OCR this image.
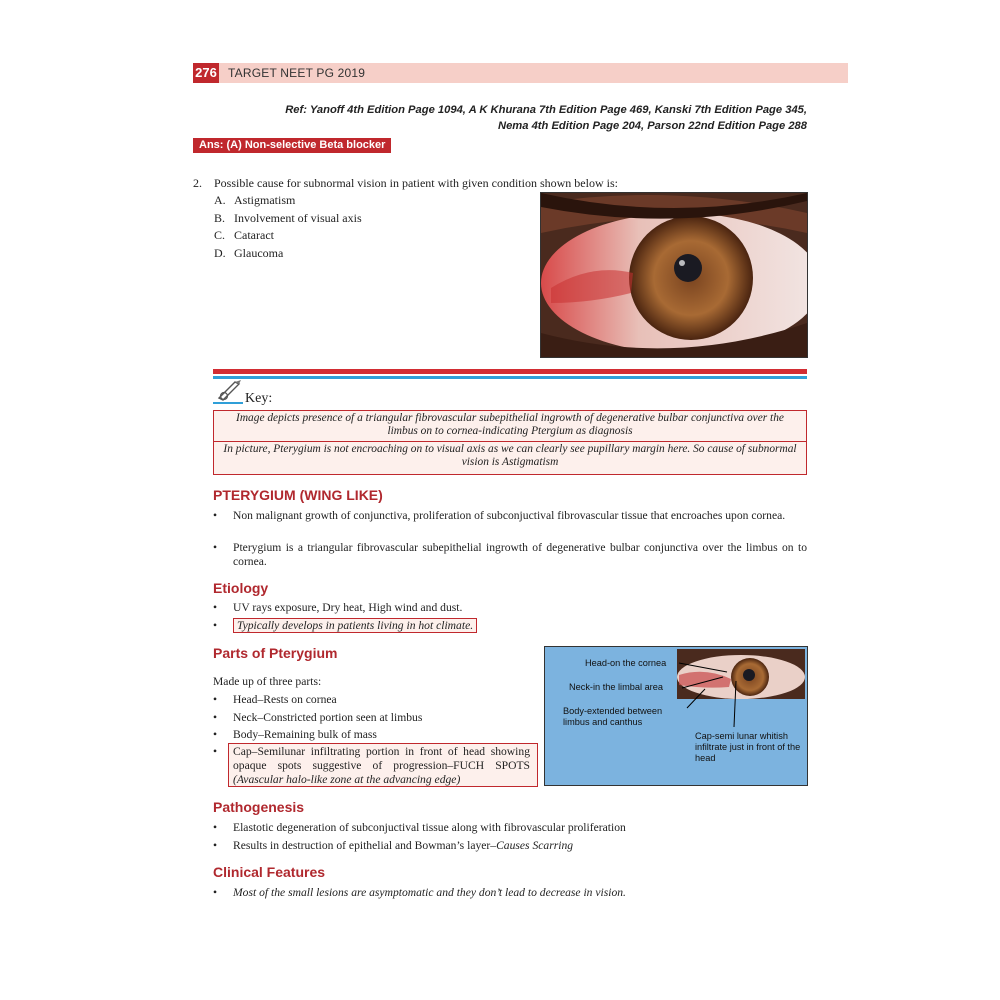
276 TARGET NEET PG 2019
Ref: Yanoff 4th Edition Page 1094, A K Khurana 7th Edition Page 469, Kanski 7th Edition Page 345,
Nema 4th Edition Page 204, Parson 22nd Edition Page 288
Ans: (A) Non-selective Beta blocker
2. Possible cause for subnormal vision in patient with given condition shown below is:
A. Astigmatism
B. Involvement of visual axis
C. Cataract
D. Glaucoma
Key:
Image depicts presence of a triangular fibrovascular subepithelial ingrowth of degenerative bulbar conjunctiva over the limbus on to cornea-indicating Ptergium as diagnosis
In picture, Pterygium is not encroaching on to visual axis as we can clearly see pupillary margin here. So cause of subnormal vision is Astigmatism
PTERYGIUM (WING LIKE)
• Non malignant growth of conjunctiva, proliferation of subconjuctival fibrovascular tissue that encroaches upon cornea.
• Pterygium is a triangular fibrovascular subepithelial ingrowth of degenerative bulbar conjunctiva over the limbus on to cornea.
Etiology
• UV rays exposure, Dry heat, High wind and dust.
•	Typically develops in patients living in hot climate.
Parts of Pterygium
Made up of three parts:
• Head–Rests on cornea
• Neck–Constricted portion seen at limbus
• Body–Remaining bulk of mass
• Cap–Semilunar infiltrating portion in front of head showing opaque spots suggestive of progression–FUCH SPOTS (Avascular halo-like zone at the advancing edge)
Head-on the cornea
Neck-in the limbal area
Body-extended between limbus and canthus
Cap-semi lunar whitish infiltrate just in front of the head
Pathogenesis
• Elastotic degeneration of subconjuctival tissue along with fibrovascular proliferation
• Results in destruction of epithelial and Bowman’s layer–Causes Scarring
Clinical Features
• Most of the small lesions are asymptomatic and they don’t lead to decrease in vision.
